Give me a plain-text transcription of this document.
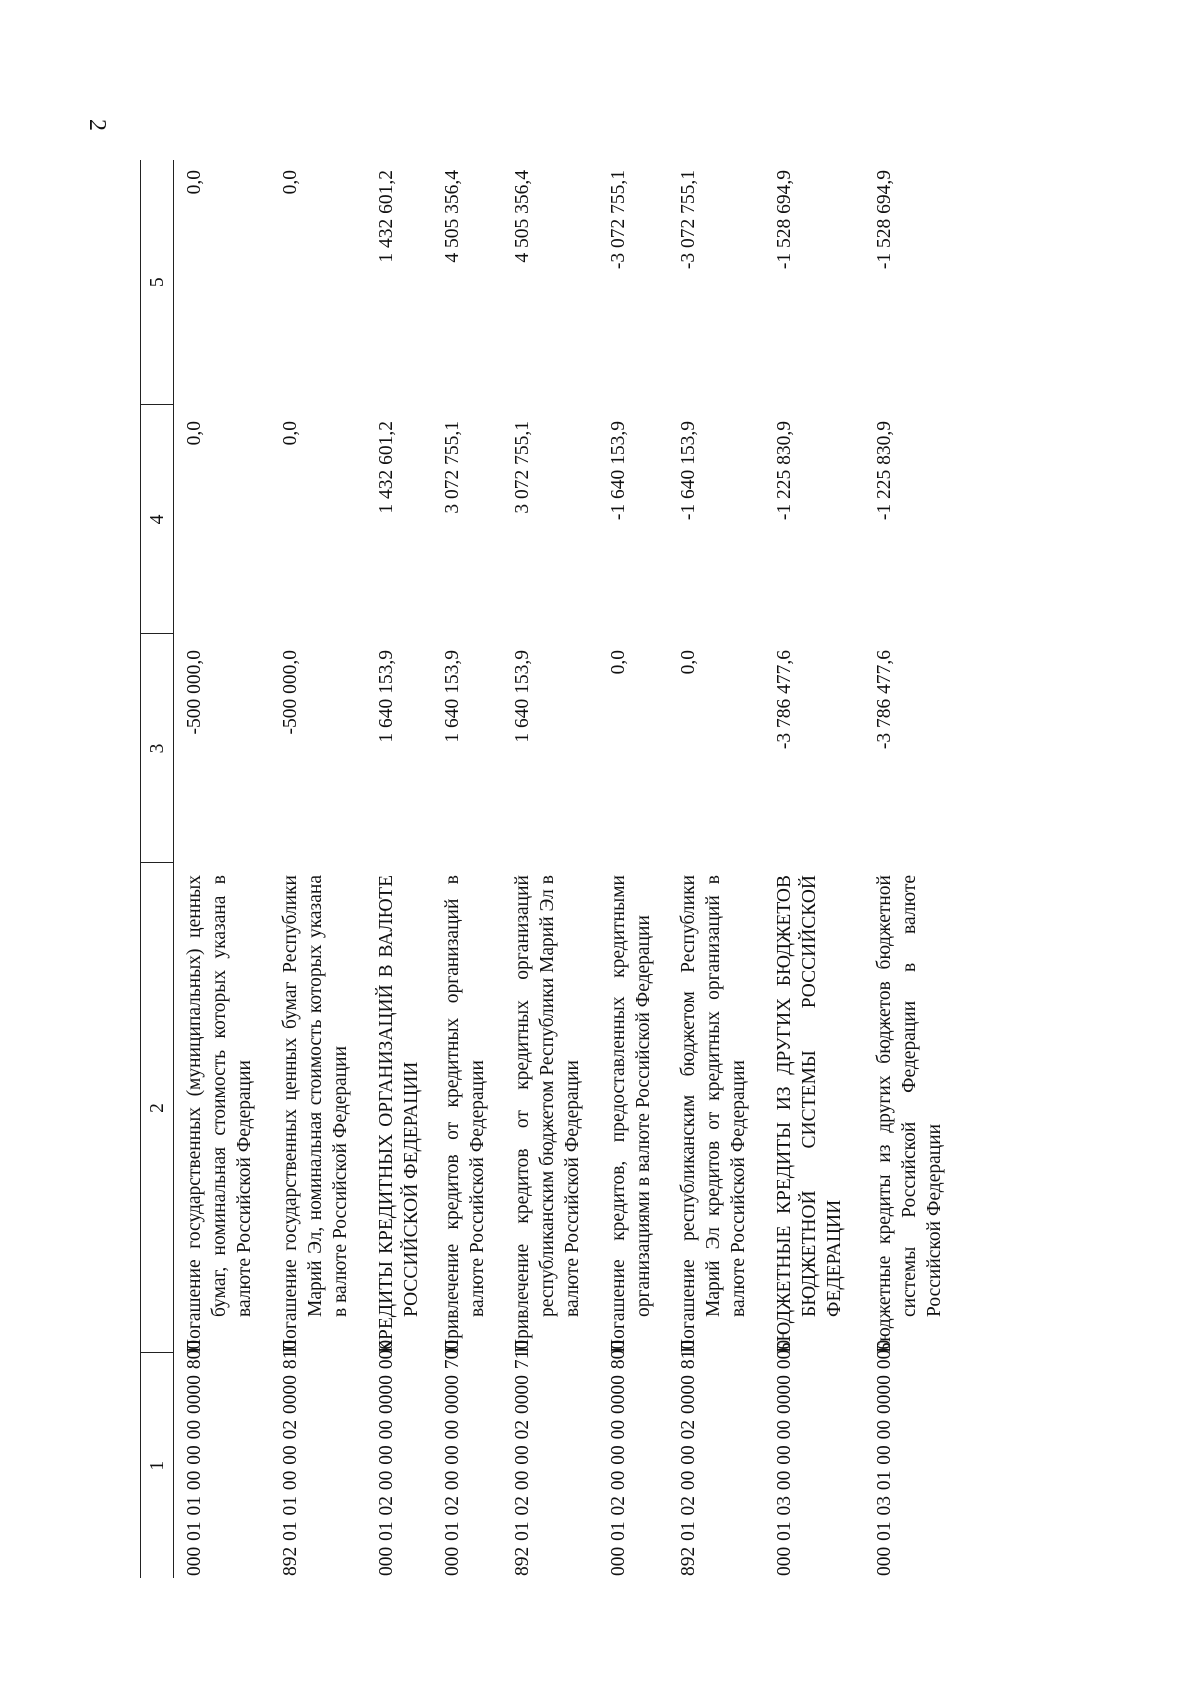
2
1	2	3	4	5
000 01 01 00 00 00 0000 800	Погашение государственных (муниципальных) ценных бумаг, номинальная стоимость которых указана в валюте Российской Федерации	-500 000,0	0,0	0,0
892 01 01 00 00 02 0000 810	Погашение государственных ценных бумаг Республики Марий Эл, номинальная стоимость которых указана в валюте Российской Федерации	-500 000,0	0,0	0,0
000 01 02 00 00 00 0000 000	КРЕДИТЫ КРЕДИТНЫХ ОРГАНИЗАЦИЙ В ВАЛЮТЕ РОССИЙСКОЙ ФЕДЕРАЦИИ	1 640 153,9	1 432 601,2	1 432 601,2
000 01 02 00 00 00 0000 700	Привлечение кредитов от кредитных организаций в валюте Российской Федерации	1 640 153,9	3 072 755,1	4 505 356,4
892 01 02 00 00 02 0000 710	Привлечение кредитов от кредитных организаций республиканским бюджетом Республики Марий Эл в валюте Российской Федерации	1 640 153,9	3 072 755,1	4 505 356,4
000 01 02 00 00 00 0000 800	Погашение кредитов, предоставленных кредитными организациями в валюте Российской Федерации	0,0	-1 640 153,9	-3 072 755,1
892 01 02 00 00 02 0000 810	Погашение республиканским бюджетом Республики Марий Эл кредитов от кредитных организаций в валюте Российской Федерации	0,0	-1 640 153,9	-3 072 755,1
000 01 03 00 00 00 0000 000	БЮДЖЕТНЫЕ КРЕДИТЫ ИЗ ДРУГИХ БЮДЖЕТОВ БЮДЖЕТНОЙ СИСТЕМЫ РОССИЙСКОЙ ФЕДЕРАЦИИ	-3 786 477,6	-1 225 830,9	-1 528 694,9
000 01 03 01 00 00 0000 000	Бюджетные кредиты из других бюджетов бюджетной системы Российской Федерации в валюте Российской Федерации	-3 786 477,6	-1 225 830,9	-1 528 694,9
